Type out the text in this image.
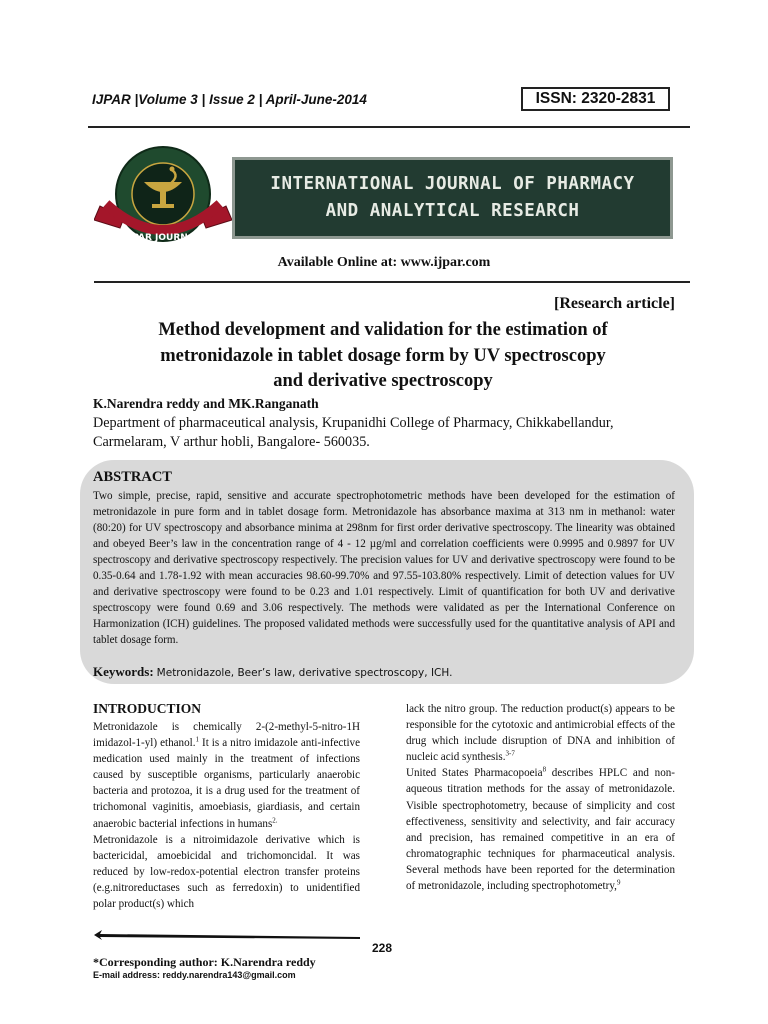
IJPAR |Volume 3 | Issue 2 | April-June-2014	ISSN: 2320-2831
IJPAR JOURNAL
INTERNATIONAL JOURNAL OF PHARMACY
AND ANALYTICAL RESEARCH
Available Online at: www.ijpar.com
[Research article]
Method development and validation for the estimation of
metronidazole in tablet dosage form by UV spectroscopy
and derivative spectroscopy
K.Narendra reddy and MK.Ranganath
Department of pharmaceutical analysis, Krupanidhi College of Pharmacy, Chikkabellandur, Carmelaram, V arthur hobli, Bangalore- 560035.
ABSTRACT
Two simple, precise, rapid, sensitive and accurate spectrophotometric methods have been developed for the estimation of metronidazole in pure form and in tablet dosage form. Metronidazole has absorbance maxima at 313 nm in methanol: water (80:20) for UV spectroscopy and absorbance minima at 298nm for first order derivative spectroscopy. The linearity was obtained and obeyed Beer’s law in the concentration range of 4 - 12 µg/ml and correlation coefficients were 0.9995 and 0.9897 for UV spectroscopy and derivative spectroscopy respectively. The precision values for UV and derivative spectroscopy were found to be 0.35-0.64 and 1.78-1.92 with mean accuracies 98.60-99.70% and 97.55-103.80% respectively. Limit of detection values for UV and derivative spectroscopy were found to be 0.23 and 1.01 respectively. Limit of quantification for both UV and derivative spectroscopy were found 0.69 and 3.06 respectively. The methods were validated as per the International Conference on Harmonization (ICH) guidelines. The proposed validated methods were successfully used for the quantitative analysis of API and tablet dosage form.
Keywords: Metronidazole, Beer’s law, derivative spectroscopy, ICH.
INTRODUCTION
Metronidazole is chemically 2-(2-methyl-5-nitro-1H imidazol-1-yl) ethanol.$^1$ It is a nitro imidazole anti-infective medication used mainly in the treatment of infections caused by susceptible organisms, particularly anaerobic bacteria and protozoa, it is a drug used for the treatment of trichomonal vaginitis, amoebiasis, giardiasis, and certain anaerobic bacterial infections in humans$^{2.}$
Metronidazole is a nitroimidazole derivative which is bactericidal, amoebicidal and trichomoncidal. It was reduced by low-redox-potential electron transfer proteins (e.g.nitroreductases such as ferredoxin) to unidentified polar product(s) which
lack the nitro group. The reduction product(s) appears to be responsible for the cytotoxic and antimicrobial effects of the drug which include disruption of DNA and inhibition of nucleic acid synthesis.$^{3-7}$
United States Pharmacopoeia$^8$ describes HPLC and non-aqueous titration methods for the assay of metronidazole. Visible spectrophotometry, because of simplicity and cost effectiveness, sensitivity and selectivity, and fair accuracy and precision, has remained competitive in an era of chromatographic techniques for pharmaceutical analysis. Several methods have been reported for the determination of metronidazole, including spectrophotometry,$^9$
228
*Corresponding author: K.Narendra reddy
E-mail address: reddy.narendra143@gmail.com
